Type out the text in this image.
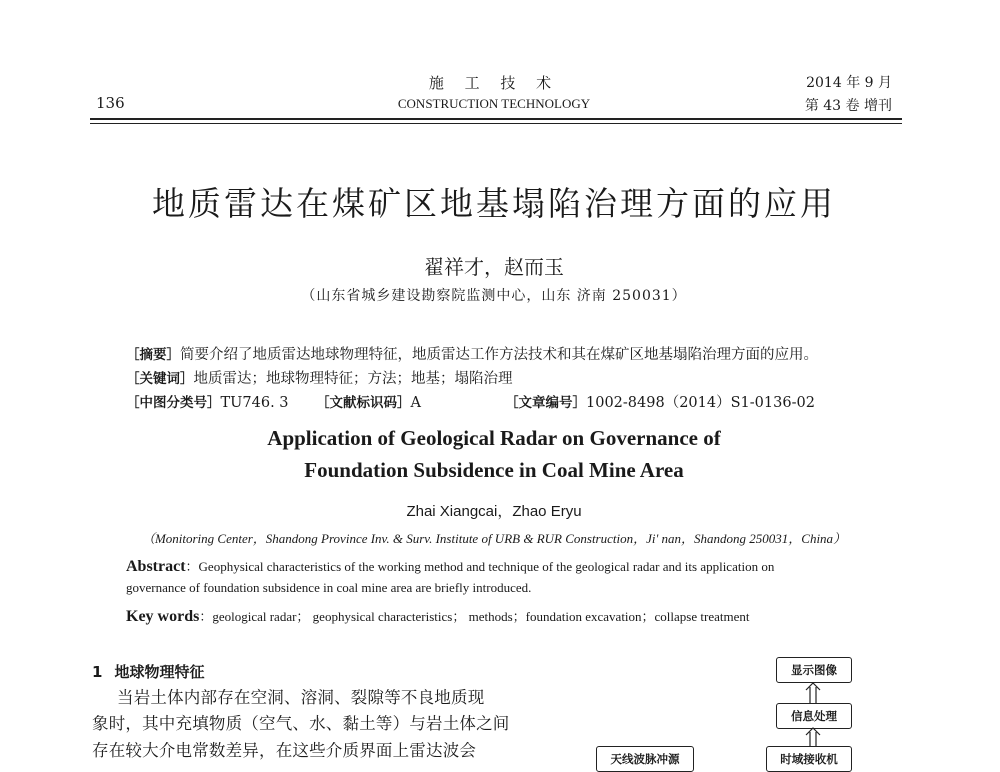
136
施 工 技 术
CONSTRUCTION TECHNOLOGY
2014 年 9 月
第 43 卷 增刊
地质雷达在煤矿区地基塌陷治理方面的应用
翟祥才，赵而玉
（山东省城乡建设勘察院监测中心，山东 济南 250031）
［摘要］简要介绍了地质雷达地球物理特征，地质雷达工作方法技术和其在煤矿区地基塌陷治理方面的应用。
［关键词］地质雷达；地球物理特征；方法；地基；塌陷治理
［中图分类号］TU746. 3 ［文献标识码］A	［文章编号］1002-8498（2014）S1-0136-02
Application of Geological Radar on Governance of
Foundation Subsidence in Coal Mine Area
Zhai Xiangcai，Zhao Eryu
（Monitoring Center，Shandong Province Inv. & Surv. Institute of URB & RUR Construction，Ji' nan，Shandong 250031，China）
Abstract：Geophysical characteristics of the working method and technique of the geological radar and its application on
governance of foundation subsidence in coal mine area are briefly introduced.
Key words：geological radar； geophysical characteristics； methods；foundation excavation；collapse treatment
1 地球物理特征
当岩土体内部存在空洞、溶洞、裂隙等不良地质现
象时，其中充填物质（空气、水、黏土等）与岩土体之间
存在较大介电常数差异，在这些介质界面上雷达波会
显示图像
信息处理
时域接收机
天线波脉冲源
